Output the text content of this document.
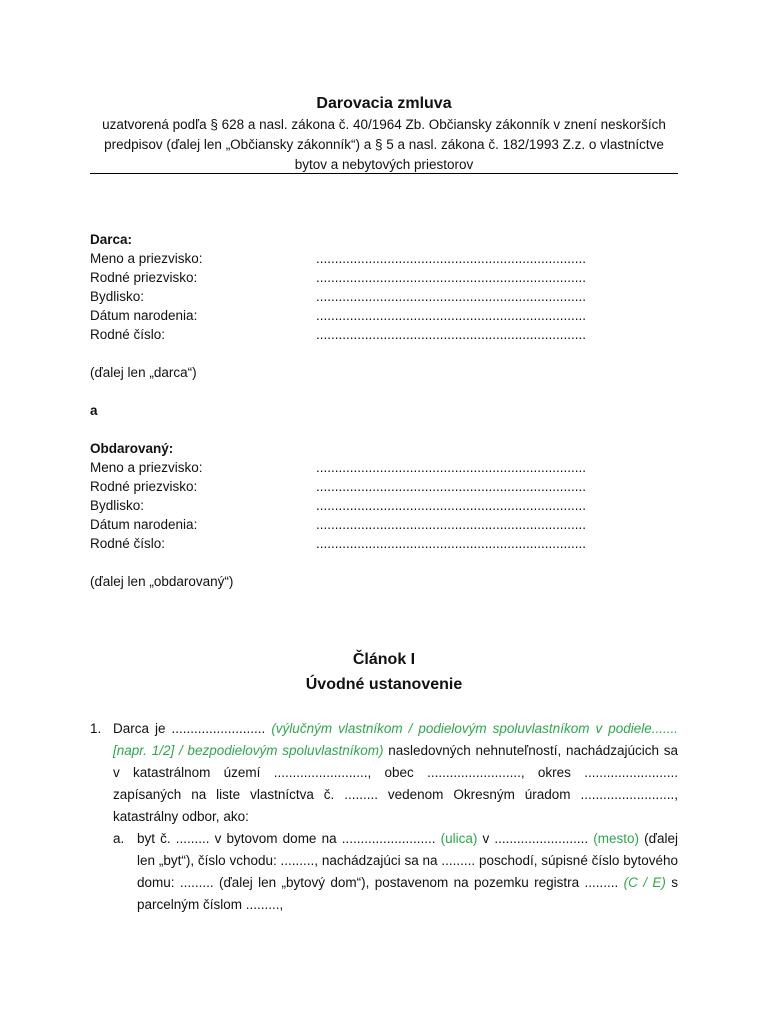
Darovacia zmluva
uzatvorená podľa § 628 a nasl. zákona č. 40/1964 Zb. Občiansky zákonník v znení neskorších predpisov (ďalej len „Občiansky zákonník“) a § 5 a nasl. zákona č. 182/1993 Z.z. o vlastníctve bytov a nebytových priestorov
Darca:
Meno a priezvisko:	........................................................................
Rodné priezvisko:	........................................................................
Bydlisko:	........................................................................
Dátum narodenia:	........................................................................
Rodné číslo:	........................................................................
(ďalej len „darca“)
a
Obdarovaný:
Meno a priezvisko:	........................................................................
Rodné priezvisko:	........................................................................
Bydlisko:	........................................................................
Dátum narodenia:	........................................................................
Rodné číslo:	........................................................................
(ďalej len „obdarovaný“)
Článok I
Úvodné ustanovenie
1. Darca je ......................... (výlučným vlastníkom / podielovým spoluvlastníkom v podiele....... [napr. 1/2] / bezpodielovým spoluvlastníkom) nasledovných nehnuteľností, nachádzajúcich sa v katastrálnom území ........................., obec ........................., okres ......................... zapísaných na liste vlastníctva č. ......... vedenom Okresným úradom ........................., katastrálny odbor, ako:
a. byt č. ......... v bytovom dome na ......................... (ulica) v ......................... (mesto) (ďalej len „byt“), číslo vchodu: ........., nachádzajúci sa na ......... poschodí, súpisné číslo bytového domu: ......... (ďalej len „bytový dom“), postavenom na pozemku registra ......... (C / E) s parcelným číslom .........,
